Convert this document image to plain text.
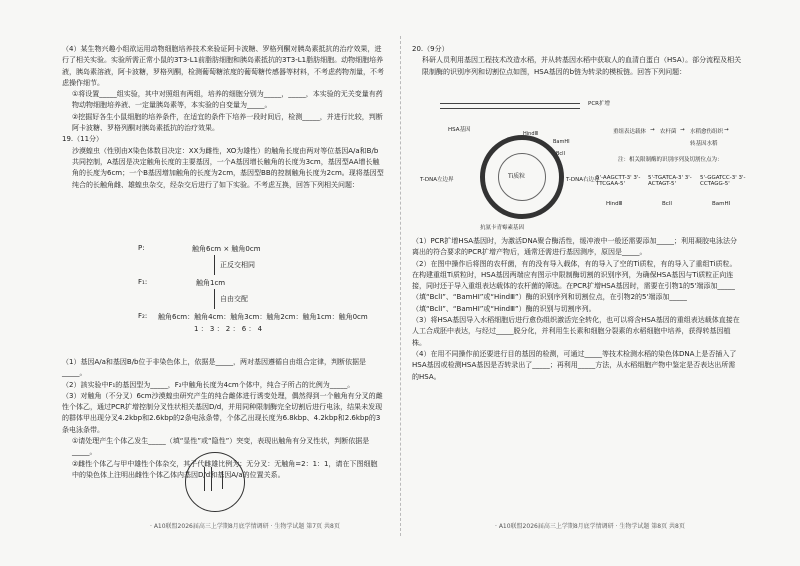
（4）某生物兴趣小组欲运用动物细胞培养技术来验证阿卡波糖、罗格列酮对胰岛素抵抗的治疗效果，进行了相关实验。实验所需正常小鼠的3T3-L1前脂肪细胞和胰岛素抵抗的3T3-L1脂肪细胞。动物细胞培养液，胰岛素溶液，阿卡波糖，罗格列酮，检测葡萄糖浓度的葡萄糖传感器等材料，不考虑药物剂量，不考虑操作细节。

①将设置_____组实验，其中对照组有两组，培养的细胞分别为_____，_____，本实验的无关变量有药物动物细胞培养液、一定量胰岛素等，本实验的自变量为_____。

②挖掘好各生小鼠细胞的培养条件，在适宜的条件下培养一段时间后，检测_____，并进行比较，判断阿卡波糖、罗格列酮对胰岛素抵抗的治疗效果。

19.（11分）

沙漠蝗虫（性别由X染色体数目决定：XX为雌性，XO为雄性）的触角长度由两对等位基因A/a和B/b共同控制，A基因是决定触角长度的主要基因，一个A基因增长触角的长度为3cm，基因型AA增长触角的长度为6cm；一个B基因增加触角的长度为2cm，基因型BB的控制触角长度为2cm。现将基因型纯合的长触角雌、雄蝗虫杂交，经杂交后进行了如下实验。不考虑互换，回答下列相关问题：

P:	触角6cm × 触角0cm
正反交相同
F₁:	触角1cm
自由交配
F₂: 触角6cm：触角4cm：触角3cm：触角2cm：触角1cm：触角0cm
1 ： 3 ： 2 ： 6 ： 4

（1）基因A/a和基因B/b位于非染色体上，依据是_____，两对基因遵循自由组合定律，判断依据是_____。

（2）該实验中F₁的基因型为_____，F₂中触角长度为4cm个体中，纯合子所占的比例为_____。

（3）对触角（不分叉）6cm沙漠蝗虫研究产生的纯合雌体进行诱变处理，偶然得到一个触角有分叉的雌性个体乙，通过PCR扩增控制分叉性状相关基因D/d，并用同种限制酶完全切割后进行电泳，结果未发现的群体甲出现分叉4.2kbp和2.6kbp的2条电泳条带，个体乙出现长度为6.8kbp、4.2kbp和2.6kbp的3条电泳条带。

①请处理产生个体乙发生_____（填“显性”或“隐性”）突变，表现出触角有分叉性状，判断依据是_____。

②雌性个体乙与甲中雄性个体杂交，其子代雌雄比例为：无分叉：无触角=2：1：1，请在下图细胞中的染色体上注明出雌性个体乙体内基因D/d和基因A/a的位置关系。

20.（9分）

科研人员利用基因工程技术改造水稻，并从转基因水稻中获取人的血清白蛋白（HSA）。部分流程及相关限制酶的识别序列和切割位点如图，HSA基因的b链为转录的模板链。回答下列问题：

PCR扩增
HSA基因
Ti质粒
HindⅢ
BamHⅠ
BclⅠ
T-DNA左边界	T-DNA右边界
抗氨卡青霉素基因
重组表达载体 → 农杆菌 → 水稻愈伤组织 →
转基因水稻
注：相关限制酶的识别序列及切割位点为：
5'-AAGCTT-3' 3'-TTCGAA-5'
5'-TGATCA-3' 3'-ACTAGT-5'
5'-GGATCC-3' 3'-CCTAGG-5'
HindⅢ	BclⅠ	BamHⅠ

（1）PCR扩增HSA基因时，为激活DNA聚合酶活性，缓冲液中一般还需要添加_____；利用凝胶电泳法分离出的符合要求的PCR扩增产物后，通常还需进行基因测序，原因是_____。

（2）在图中操作后将图的农杆菌，有的没有导入载体，有的导入了空的Ti质粒，有的导入了重组Ti质粒。在构建重组Ti质粒时，HSA基因两端应有图示中限制酶切割的识别序列，为确保HSA基因与Ti质粒正向连接，同时还于导入重组表达载体的农杆菌的筛选。在PCR扩增HSA基因时，需要在引物1的5'端添加_____（填“BclⅠ”、“BamHⅠ”或“HindⅢ”）酶的识别序列和切割位点，在引物2的5'端添加_____（填“BclⅠ”、“BamHⅠ”或“HindⅢ”）酶的识别与切割序列。

（3）将HSA基因导入水稻细胞后进行愈伤组织激活完全转化，也可以将含HSA基因的重组表达载体直接在人工合成胚中表达，与经过_____脱分化，并利用生长素和细胞分裂素的水稻细胞中培养，获得转基因植株。

（4）在用不同操作前还要进行目的基因的检测，可通过_____等技术检测水稻的染色体DNA上是否插入了HSA基因或检测HSA基因是否转录出了_____；再利用_____方法，从水稻细胞产物中鉴定是否表达出所需的HSA。

· A10联盟2026届高三上学期8月底学情调研 · 生物学试题 第7页 共8页	· A10联盟2026届高三上学期8月底学情调研 · 生物学试题 第8页 共8页
